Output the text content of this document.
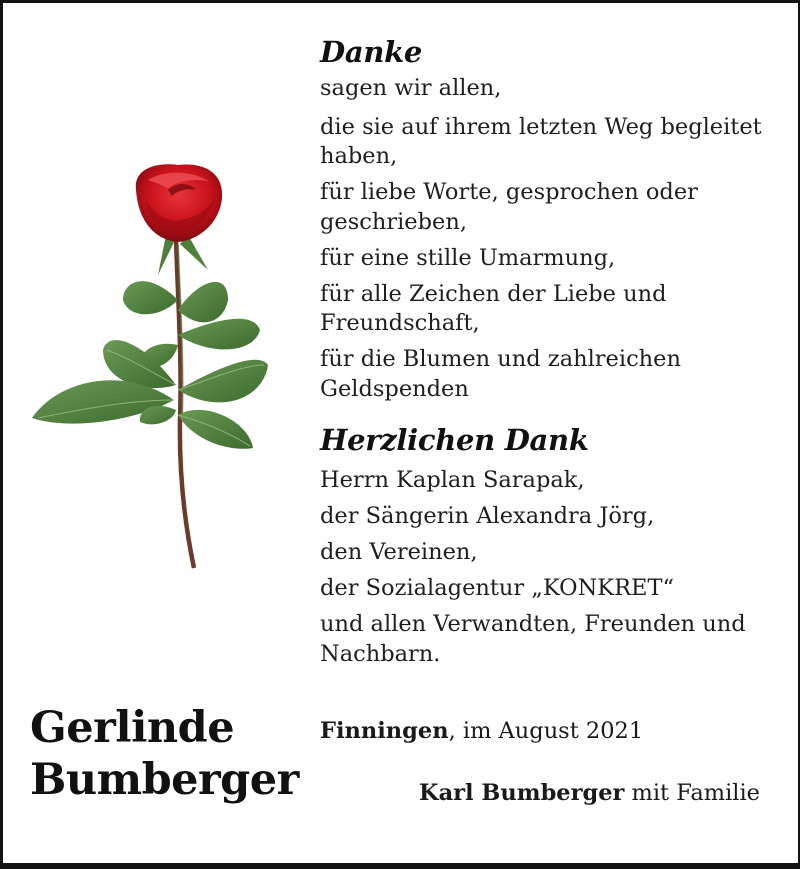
Danke

sagen wir allen,

die sie auf ihrem letzten Weg begleitet

haben,

für liebe Worte, gesprochen oder

geschrieben,

für eine stille Umarmung,

für alle Zeichen der Liebe und

Freundschaft,

für die Blumen und zahlreichen

Geldspenden

Herzlichen Dank

Herrn Kaplan Sarapak,

der Sängerin Alexandra Jörg,

den Vereinen,

der Sozialagentur „KONKRET“

und allen Verwandten, Freunden und

Nachbarn.

Gerlinde
Bumberger
Finningen, im August 2021
Karl Bumberger mit Familie
